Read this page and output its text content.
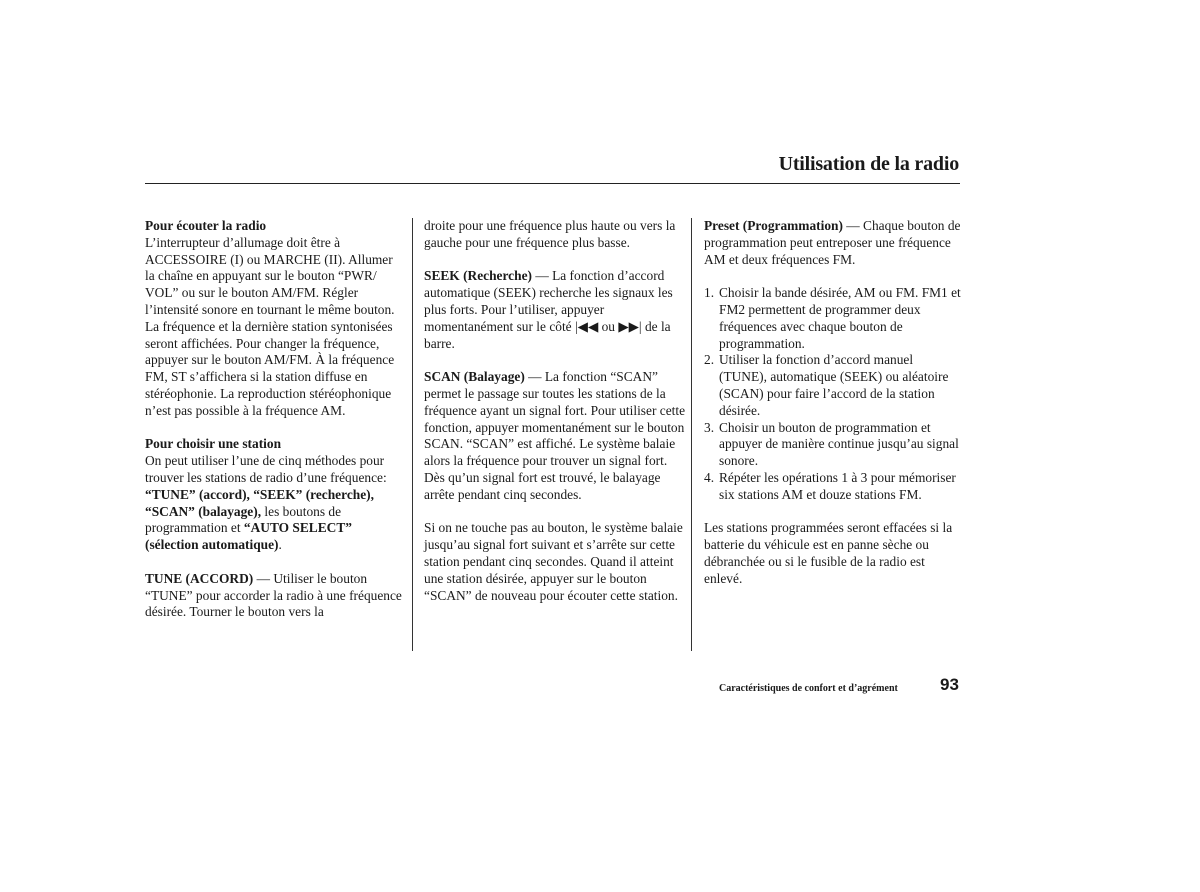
Utilisation de la radio
Pour écouter la radio

L’interrupteur d’allumage doit être à ACCESSOIRE (I) ou MARCHE (II). Allumer la chaîne en appuyant sur le bouton “PWR/ VOL” ou sur le bouton AM/FM. Régler l’intensité sonore en tournant le même bouton.

La fréquence et la dernière station syntonisées seront affichées. Pour changer la fréquence, appuyer sur le bouton AM/FM. À la fréquence FM, ST s’affichera si la station diffuse en stéréophonie. La reproduction stéréophonique n’est pas possible à la fréquence AM.

Pour choisir une station

On peut utiliser l’une de cinq méthodes pour trouver les stations de radio d’une fréquence: “TUNE” (accord), “SEEK” (recherche), “SCAN” (balayage), les boutons de programmation et “AUTO SELECT” (sélection automatique).

TUNE (ACCORD) — Utiliser le bouton “TUNE” pour accorder la radio à une fréquence désirée. Tourner le bouton vers la

droite pour une fréquence plus haute ou vers la gauche pour une fréquence plus basse.

SEEK (Recherche) — La fonction d’accord automatique (SEEK) recherche les signaux les plus forts. Pour l’utiliser, appuyer momentanément sur le côté |◀◀ ou ▶▶| de la barre.

SCAN (Balayage) — La fonction “SCAN” permet le passage sur toutes les stations de la fréquence ayant un signal fort. Pour utiliser cette fonction, appuyer momentanément sur le bouton SCAN. “SCAN” est affiché. Le système balaie alors la fréquence pour trouver un signal fort. Dès qu’un signal fort est trouvé, le balayage arrête pendant cinq secondes.

Si on ne touche pas au bouton, le système balaie jusqu’au signal fort suivant et s’arrête sur cette station pendant cinq secondes. Quand il atteint une station désirée, appuyer sur le bouton “SCAN” de nouveau pour écouter cette station.

Preset (Programmation) — Chaque bouton de programmation peut entreposer une fréquence AM et deux fréquences FM.

1. Choisir la bande désirée, AM ou FM. FM1 et FM2 permettent de programmer deux fréquences avec chaque bouton de programmation.
2. Utiliser la fonction d’accord manuel (TUNE), automatique (SEEK) ou aléatoire (SCAN) pour faire l’accord de la station désirée.
3. Choisir un bouton de programmation et appuyer de manière continue jusqu’au signal sonore.
4. Répéter les opérations 1 à 3 pour mémoriser six stations AM et douze stations FM.

Les stations programmées seront effacées si la batterie du véhicule est en panne sèche ou débranchée ou si le fusible de la radio est enlevé.

Caractéristiques de confort et d’agrément 93
